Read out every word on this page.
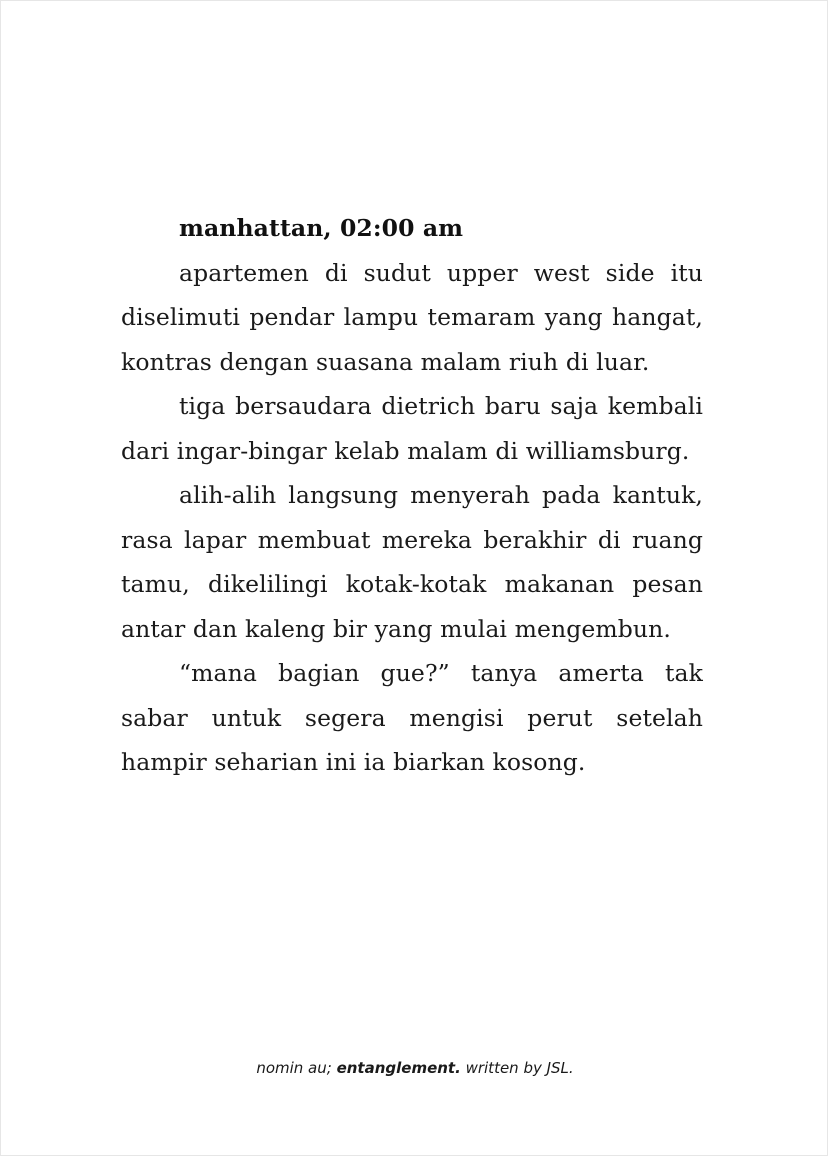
manhattan, 02:00 am

apartemen di sudut upper west side itu diselimuti pendar lampu temaram yang hangat, kontras dengan suasana malam riuh di luar.

tiga bersaudara dietrich baru saja kembali dari ingar-bingar kelab malam di williamsburg.

alih-alih langsung menyerah pada kantuk, rasa lapar membuat mereka berakhir di ruang tamu, dikelilingi kotak-kotak makanan pesan antar dan kaleng bir yang mulai mengembun.

“mana bagian gue?” tanya amerta tak sabar untuk segera mengisi perut setelah hampir seharian ini ia biarkan kosong.

nomin au; entanglement. written by JSL.
